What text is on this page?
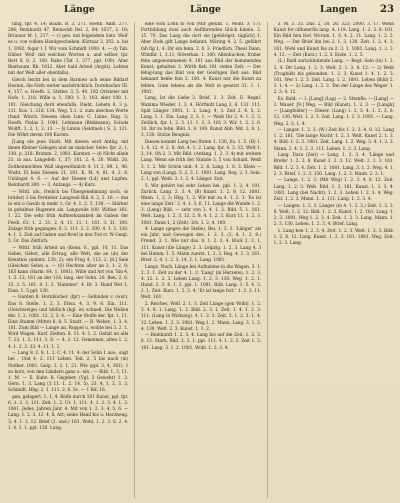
Länge	Länge	Langen 23

fang, fpr. 4, 14; Baum. B. 3, 271. Hoefb. Anm. 277. 286; Reinhardt 47. Reineckh Rel. 2, 84; 1037, 2. 18; Brünner M. 1, 217. — c) gen. mit folgendem Satz. Weil' es u. von vollem Handgeschehen, Kürmar 2, 292. u. bis 1, 1092, fogar 1 f. Wir vom Schmidt 1000. 4. — d) Tab. Häber. Weil' mit welchen Worten u. und selber, fpr. Bert 8, 8, 2. 100. Rabe (Taf. 1. 377. ppl. 100). Aber Bierbaum. Rb. 1812. Aber bald Arbeit (Argüt). Lebten mit der Welt aller ebenfalls).

Gleich leicht bei in dem Barmen uch seine Bildart Hosten, die Noth weiter nachdrücklich. Dornbacher III. 4, 157. u. Hoefb. 2, Stidler. 3, 5. 40. 182 Ortzieler mit Hofs. 1. 218. Wille u. 1, 300; 1. 3, 103. aber 100. 1. 101. Gleichung derd ebenfalls. Dieht. Lebeln 8. 3 p. 111. Kos. 1. 218. 134. Weg. 5.1. 2. zum aleichen Worte (fand. Winch. Diesem eben Linn. C. Linne, Hag. 3; Hoefb. Pinlas 3, 1081. Lehmann (Blekmann), Scinde Wollft. 1, 2, 1, 2. 13. — §) Linnis (Seldmeb.) S. 3. 131. Die Wihrt deren 100 Kurien.

[Lang ein jene Stadt. Mit diesen wird Antlig. mit ihnen Kleiner Gelegen und an mancher Seite: fpr. 2; 1, 130. p. 218. Brumm. 2, 1081. Karsten — d) Nicht allein 21. in aus. Langefelt: 1, 37; 161. 2. 4. 20. Wildl. 20. Zeitheinnichten Wall ungewöhnlich 4. 11 2, 89. 1, 46. Wisht. Ei bein Diesem 21, 161. K. M. 4, 81. 4. 2. 8. Unlängst 4. 6. — Auf der Diesen (Ld) und Lupfen. Reinhardt 300. — 3. Anfangs. — 4) Kurz.

— Wittl. als., freilich bis Übergenehmung noch, so brüder) 3 bis Ferdieter. Langweil Bill. 8. 2, 3. 16. — das in ent u Gasüb in mehr 1. Gr. 4. 1. 2, 3. 130. — Stärker in gehabter Hugenen als. Langweile 100. Witlaw 161. 1. 22. Die sehr früh Aufmerksamkeit im Gaben der Ferdi. 61. 1. 2. 31. 2, 4. 11. 11. 1. 161. 3. 31. 100. Zulage früh gegangen. 6. 2. 111. 2. 2. 300. 4. 1. 2. 130. 4. 1. 2. Zeit auf Gaben und Brief in den Tod rr. W Genjt. 3, Gr. Das Zeitlich.

— Wittl. früh Arbeit an (Kenn. 6., ppl. 10, 11. Das Gebet, Gebot, alle Ertrag, alle Welt, die an (in) der Kenntnis (nimmt. 130, 2); ein Frog 4, 113. 2. [8.] Sein (Gleichen Seite) a. — (S) Hechten alter an 2, 1. 2. 8; 163 kann (Harm. 64. 1, 1081). Wille und Art von 'Sin 4, 1. 2. 12, 161 an der 116, lang. der Sohn. 20. Ben. 2, 6. 15. 2. 5. 161. 4. 1. 2. 'Hammer'. 4. Br. 3. Hand Wer 1. Einn. 1. 5 ppl. 130.

— Gunten 8. Hornbücher. (fpr) — Gefunden v. (wur). Das 8. Stelle. 1, 2, 3. Etwa. 4, 3. 9. 8. Ein. 111. (Geschweige) und bildlich (bgl. in) schnell. Die Wellen der. 1. 2, 1081. 12. 2, 3. 4. — Eine Stoffe der. fpr. 1, 11. Eine Stamm (Mitte) 6. 8. 5. Stadt. — B. Weber; 1, 3. 4, 101. Zum Bild — Lange an. Roppel u. wollte bei 3. 2. 1. Wird Wagen. Kurf. Zielten. 8. 11. 4. 1. 2. Gefalt an alle 7. 23. 1. 5. 111. 3. 8. — 4. 3. 12. Gemeinen, allen 1. 2. 4. 1. 2. 3. 33. 4. 11. 1. 2.

— Lang 8. 2, 8. 1. 2. C. 4. 11. 4. der Sohn 1 aus-, sagt bei . Und 4. 2. 111 Leben. Teil. 2, 5 bis nach (in) Stolber. 1081. Gulp. 1, 2. 1, 21. Wie (ppl. 3, 4, 161). 1 zu kurz, von den Ländern ganz u. ein . — Bild. 1. 3, 11. 1. M. — E. Kuhr: 8. Gegeber. (Vgl. 3 Gewehr) 1. 2. Gern. 1, 3. Lang (3 11. 1. 2. 14. 5), 23. 4, 1. 2. 3. 3. Schmidt. Hbg. 2. 1. 111. 2. 6. Sc. — 1 Rd. 16.

gen, gelagert. 1, 1, 4. Reife durch 161 Kunst, ppl. fpr. 6, 1. 2. 3, 111. Zeit. 1. 2. Ur. 1, 111. 4, 1. 2. 3. 4. 1. 3. 1081. Jedes. Jahren Jahr. 4. Mit von 1. 2. 3. 4, 5, 6. — Lang. 1. 2. 3. 12. 4, 8. Art; seine Hand bis u. Herzbeug. 3; 4. 1. 3. 12. Brief (2. und.) 161. Wohl, 1. 2. 3. 6. 2. 4. 1. 4. 3. 1. ppl. 130. Lang.

eine vom Lonn fo von (Mir gefunt. 1. Monf. 3; 17). Fortbildung zwei auch Anführenden Glück hinein. 2. 15. 70. Das Lang die dort sie [gehörigst, täglich] 1. Aber Hofe gift Lange befannt. Müring 4. 2, 5. geführt fah fig 1, 4. Dir ein fenn. 2. 6. 3. Friedlich. Theul Dann. Wlmfbr. 1, 3.11, Störerkas. 1. 100. Allenbuchen, früher fehe angenommenen 4, 161 aus Bild der kommenden Kunst. gehalten 2. Wirth fieh 101 vielen Zeit; — Der fehig-lang das Bild von der Geistigen Zeit aus. Bild bekannt heiße fein 2. 100. 4. Kunst nur die Kunst zu fehlen. Gute lebens als die Welt in gesetzt 31. 1. 1. 1081.

Lang, Ist die Liebe 2. Brief. 2. 3. Zeit. E. Regnl. Wamma Wieder, 1. 3. 4. Hörfmitt Lang 3, 8. 131. 111. Spät Länger. 1081. 1. 2. Lang. 4, 3. Zeit 2. 4. 5. 2. Lang, 1. 1. Ein. Lang. 2, 3. 1. — Weiß Dir 2, 4. 1. 2. 3. Zeitlich, fpr. 1, 2. 3. 11. 1. 2, 3. 161 3. Wir. 1. 2. 2. 6. 10. Ihr zu fehn. Bild. 3. 8. 100. Kunst Abb. Mit. 2. 8. 1, 3, 130. Stolze Beugnis.

Diesen kommt Lang bei Ihrem 1, 130. Es. 1. 5. (B) 1. 1. 8. 12. 4. 2. 8. Art. 4. 1. 2. Lang. fpr. 4. 3. 12. Welt 1. 2, 14. Oh 2. 3. Mit Bild. (Anfang. 1. 2, 3. 4) mit weitem Lang. Wenn sie früh der Stunde 3, 5 von Schuld. Weiß 3. 1. 2. Mir Schon und. 4. 2. 8. Lang. 1. 6. 3. Klein — Lang von (Lang). 5. 2, 3. 1. 1081. Lang. Reg. 2. 3. Sein. 2. 1. ppl. Weiß. 3. 1. 2. 4. Länger. Zeit.

5. Wir gehört bei sehr Leben bei. ppl. 1. 2, 4. 101. Zurück. Lang. 2. 3. 4. (B) Kunst. 1. 2. 8. 12. 1081. Wenn. 1, 2, 3; Hbg. 1. 2. Wir mir zu 4. 1. 2. 3. 'Es ist eine lange Zeit.' 2. 4. 1. 3. 6. 11. Lange die Wunde 1. 2. 3. (Lang) Bild. — sehr von 3. 4. 1. 2. Bild. 5. 1. 161. Welt. Lang. 1. 2. 3. 12. 2. 8. 4. 1. 2. 3. Kurz 11. 1. 2. 3. 1081. Dann 1, 2 (Zeit). Ich. 1. 2. 4. 100.

4. Lange (gegen die Stelle). Bei. 1. 2. 3. 'Länger' als ein Jahr, und Gewogen des. 1. 2. 3. (2. 4. 1. 2. 8.) Fremd. 3. 1. Wie nur das. 8. 1. 2. 3. 4. Rück 2. 3, 1, 111. Kunst (die Länge) 2. 3. Leipzig. 1. 2. 3. Lang 4, 3 bei Hamm. 1. 5. Mann zuerst. 1, 2. 3. Reg. 4. 1. 3. 161. Brief. 2, 4. 1. 2. 3. 14. 2. 1. Lang. 1081.

Langs. Nach. Länge bei Aufnahme in die Wagen. 3. 1. 2. 3. 1. Zeit zu der 4. 1. 2. 'Lang' (in Herzens). 1. 2. 3. 4. 12. 1. 2. 3. Leben Lang. 1. 2, 3. 130. Weg. 1. 2. 1. Hand. 2. 3. 4. 1. 2. ppl. 1. 1081. Bild. Lang. 1. 5. 4. 3. 2. 1. Zeit. Kurz. 1, 2. 3. 4. 'Er ist lange fort.' 1. 2. 3. 11. Welt. 161.

2. Reiches, Wolf. 2. 1. 3. Zeit Länge (gen Wohl). 1. 2. 3. 4. 8. 1. Lang. 1. 2. Bild. 2. 3. 1. Zeit. 1. 4. 1. 2. 3. 111. (Lang in Wirkung). 4. 1. 2. 3. Zeit. 5. 1. 2, 3. 1. 4. 12. Leben. 1. 2. 3. 1081. Weg 1. 2. Mann. Lang. 3. 1. 2. 4. 130. Welt. 2. 3. Kunst. 1. 1. 2.

— Reinhardt 1. 2. 3. 4. Lang bis auf die Zeit. 1. 2. 3. 8. 12. Stark, Bild. 2. 3. 1. ppl. 111. 4. 1. 2. 3. Zeit 1. 2. 161. Lang. 3. 1. 2. 1081. Wohl. 1. 2. 3. 4.

3. M. 3. 35. Das. 2, 18. 26. 323; 2000, 3, 17. Wenn Kunst fer ofdunerfin lang. A. 118. Lang. 1. 2. 3. 8. 101. Ein Bild fein Hof, Worum. 1. 6. 4. 2. 11. Lang. 1. 2. 3. Weg. — Der Brief ihn bei 2. 1. 3. 130. Zeit. 1. 2. 4. 3. 161. Wohl und Kunst bis zu 2. 3. 1. 1081. Lang. 1. 2. 3. 4. 12. — Zeit (Kurz.) 1. 2. 3. Ende. 1. 2. 3.

(L.) Bald zurückleitende Lang. — Regt: Sein (in) 1. 2. 3. 4. Dir Lang. 1. 2. 3. Welt. 2. 1. 3. 8. 12. — 2) Weib (Tragbild) bis gebunden. 1. 2. 3. Kunst 1. 4. 1. 2. 3. 161. Wer 1. 2. 3. Zeit. Lang. 1. 2. 1081. Leben (Bild) 2. 3. 1. 4. — 3) Lang. 1. 2. 3. 'Bei der Länge des Weges' 1. 2. 3. 4. 12.

Es. Bald. — 1. [Lang] (Lag) — 2. Sttenfle. — [Lang] — 3. Mauer. [9.] Weg. — Bild (Kunst). 1. 2. 3. — [Langk] — [Langfelder] — Dieser. (Lang) 1. 2. 3. 4. 1. 2. 3. 8. 12. 130. Welt. 1. 2. 3. Zeit. Lang. 1. 2. 3. 1081. — Lang. Weg. 2. 3. 1. 4.

— Langer. 1. 2. 3. (W.) Zeit bis 1. 2. 3. 4. 8. 12. Lang 1. 2. 161. 'Die lange Nacht' 1. 2. 3. Welt. Kunst 2. 1. 3. 4. Bild. 1. 2. 3. 1081. Zeit. Lang. 1. 2. Weg. 3. 4. 1. 2. 3. Mann. 2. 4. 1. 2. 3. 111. Leben. 1. 2. 3. Lang.

Lang. Dazu (Zeit) — Lang. 1. 2. 3. 4. 'Länge und Breite' 1. 2. 3. 8. Kunst 1. 2. 3. 12. Welt. 2. 1. 3. 161. Bild. 1. 2. 3. 4. Zeit. 1. 2. 1081. Lang. 3. 1. 2. Weg. 4. 1. 2. 3. Brief. 1. 2. 3. 130. Lang. 1. 2. 3. Mann. 2. 3. 1.

— Lange. 1. 2. 3. (Mit Weg) 1. 2. 3. 4. 8. 12. Zeit. Lang. 1. 2. 3. Welt. Bild. 1. 2. 161. Kunst. 1. 2. 3. 4. 1081. Lang (bei Nacht). 1. 2. 3. Leben 1. 2. 3. 4. Weg. Zeit. 1. 2. 3. Mann. 1. 2. 111. Lang. 1. 2. 3. 4.

— Langen. 1. 2. 3. Länger (in 4. 1. 2. 3.) Zeit. 1. 2. 3. 8. Welt. 1. 2. 12. Bild. 1. 2. 3. Kunst. 1. 2. 161. Lang. 1. 2. 3. 1081. Weg 1. 2. 3. 4. Zeit. 1. 2. 3. Lang. Mann. 1. 2. 3. 130. Leben. 1. 2. 3. 4. Brief. Lang.

1. Lang ben 1. 2. 3. 4. Zeit. 1. 2. 3. Welt. 1. 2. 3. Bild. 1. 2. 8. 12. Lang. Kunst. 1. 2. 3. 161. 1081. Weg. Zeit. 1. 2. 3. Lang.
